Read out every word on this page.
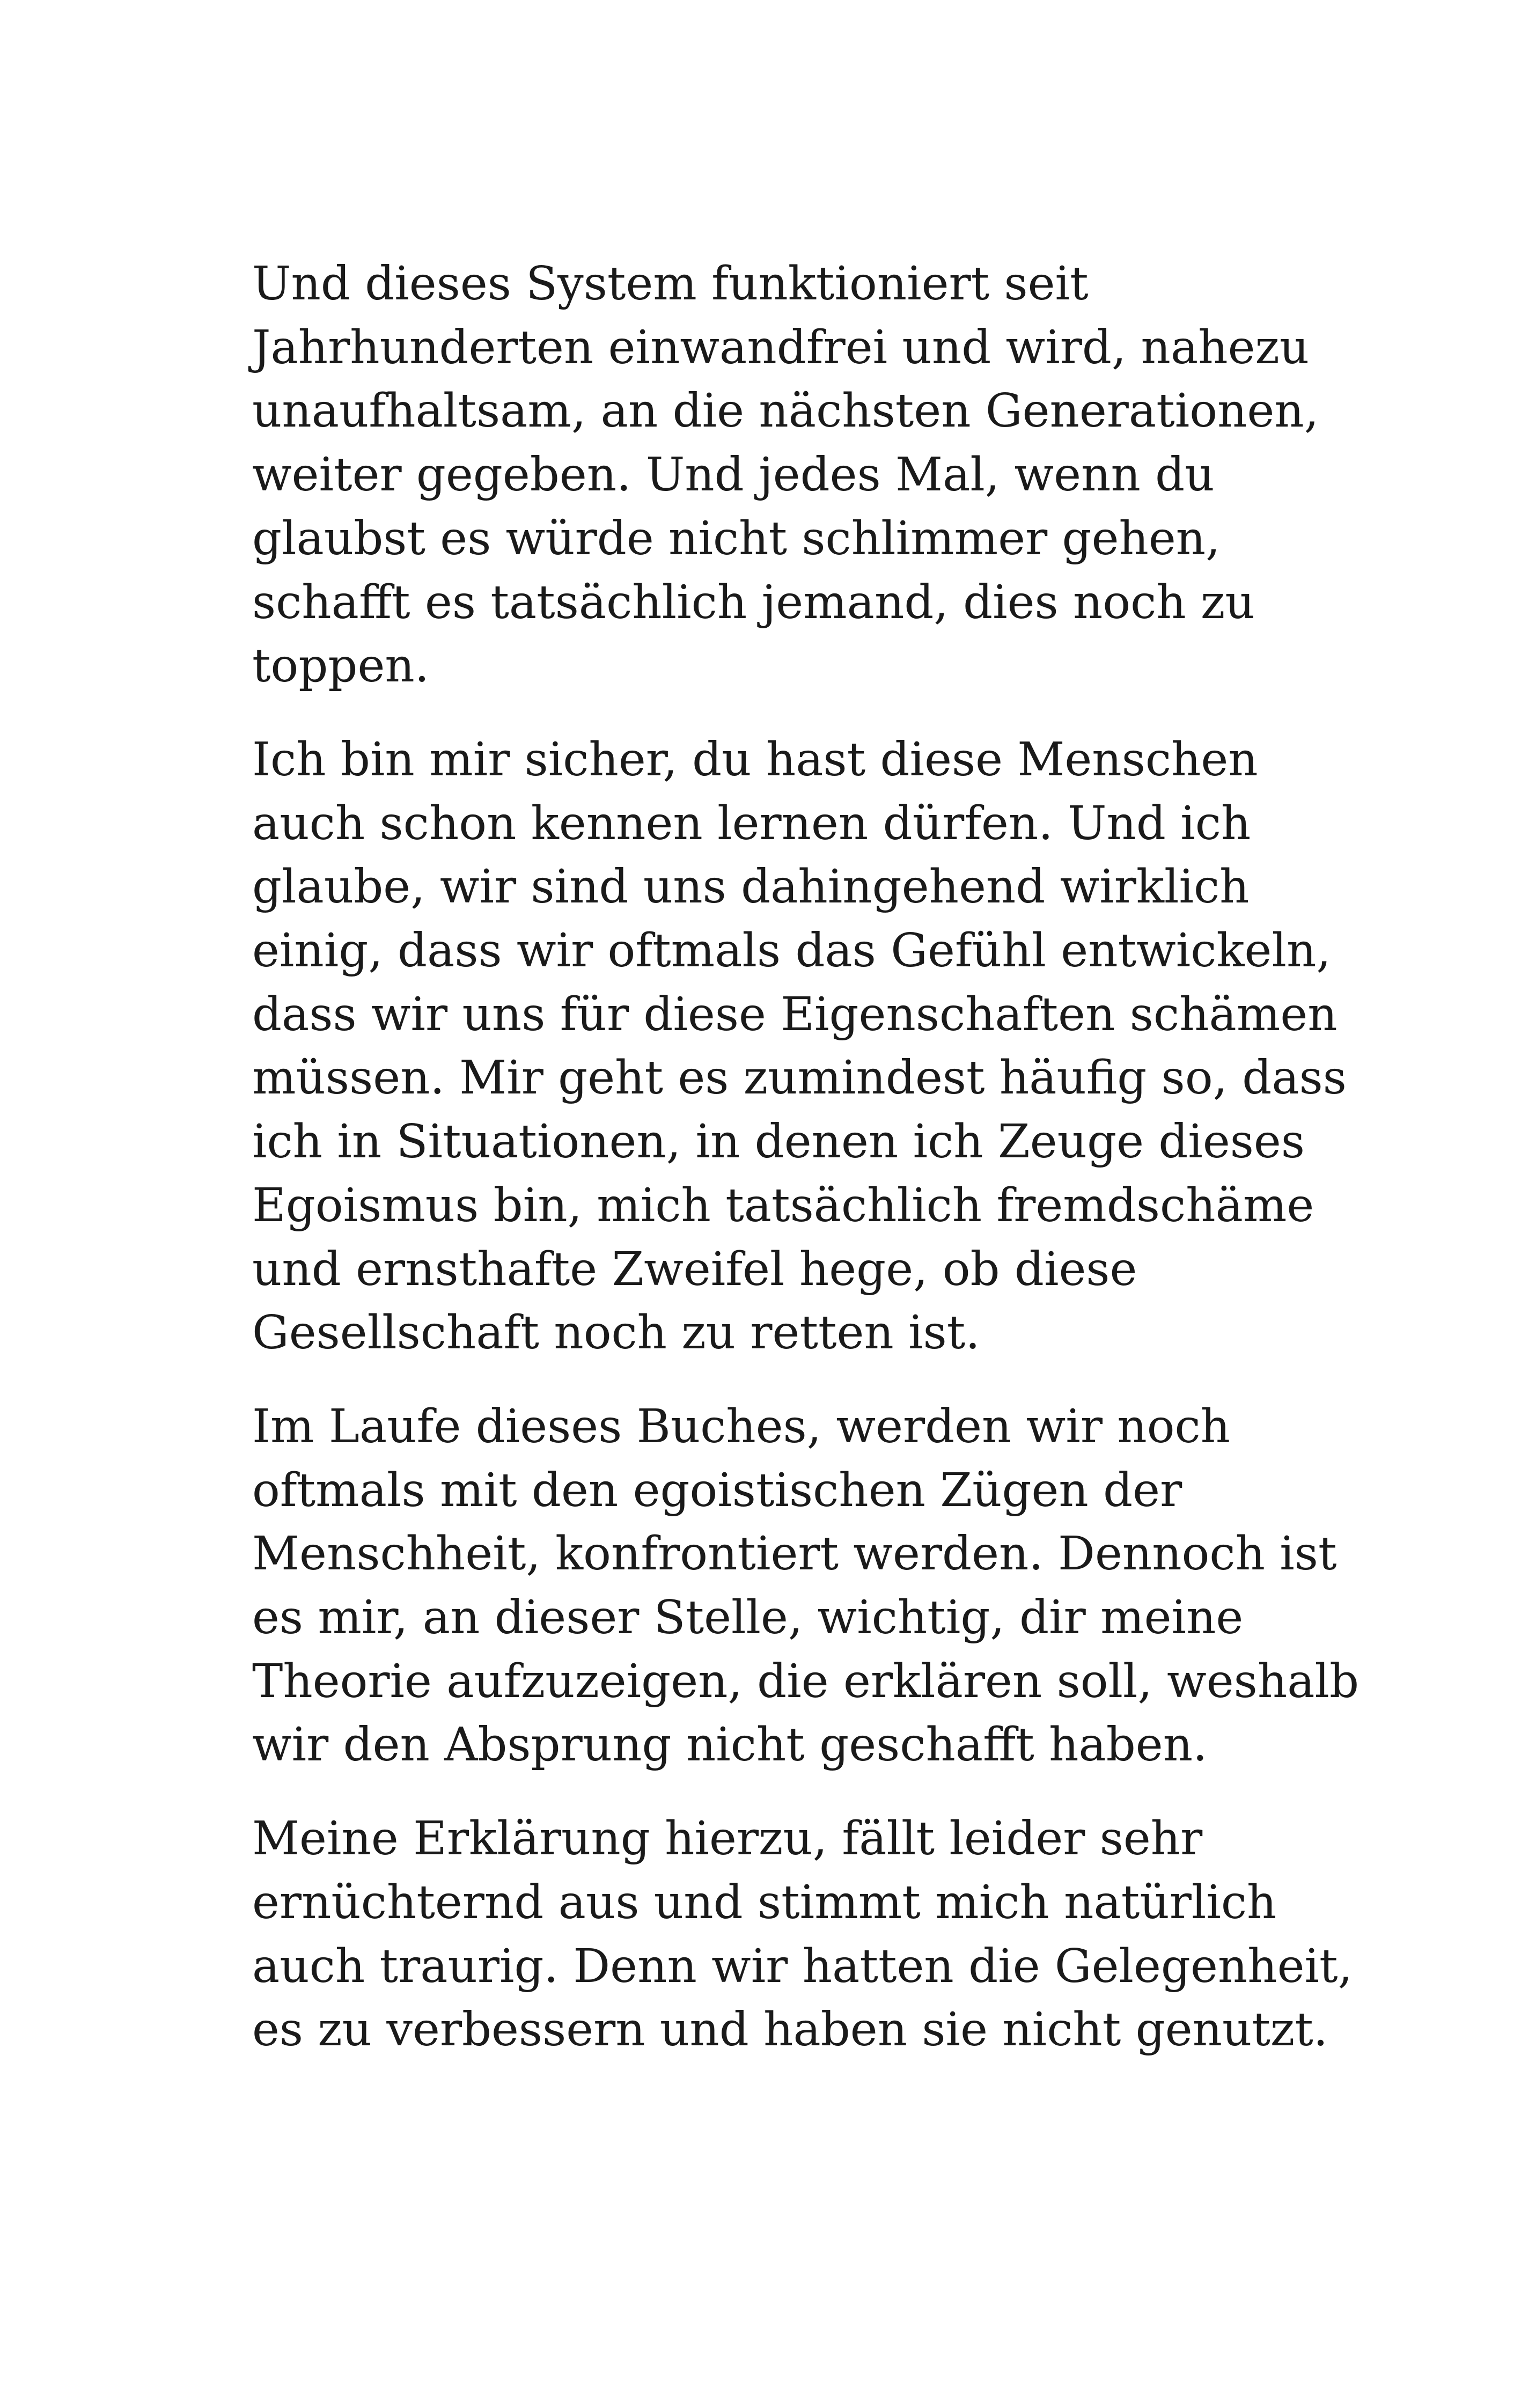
Und dieses System funktioniert seit
Jahrhunderten einwandfrei und wird, nahezu
unaufhaltsam, an die nächsten Generationen,
weiter gegeben. Und jedes Mal, wenn du
glaubst es würde nicht schlimmer gehen,
schafft es tatsächlich jemand, dies noch zu
toppen.

Ich bin mir sicher, du hast diese Menschen
auch schon kennen lernen dürfen. Und ich
glaube, wir sind uns dahingehend wirklich
einig, dass wir oftmals das Gefühl entwickeln,
dass wir uns für diese Eigenschaften schämen
müssen. Mir geht es zumindest häufig so, dass
ich in Situationen, in denen ich Zeuge dieses
Egoismus bin, mich tatsächlich fremdschäme
und ernsthafte Zweifel hege, ob diese
Gesellschaft noch zu retten ist.

Im Laufe dieses Buches, werden wir noch
oftmals mit den egoistischen Zügen der
Menschheit, konfrontiert werden. Dennoch ist
es mir, an dieser Stelle, wichtig, dir meine
Theorie aufzuzeigen, die erklären soll, weshalb
wir den Absprung nicht geschafft haben.

Meine Erklärung hierzu, fällt leider sehr
ernüchternd aus und stimmt mich natürlich
auch traurig. Denn wir hatten die Gelegenheit,
es zu verbessern und haben sie nicht genutzt.
